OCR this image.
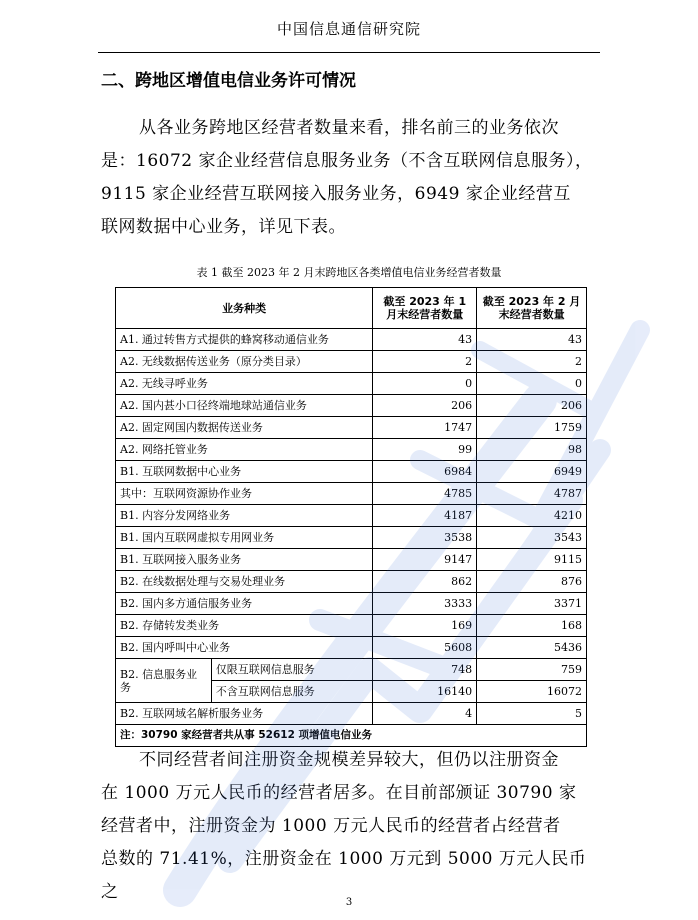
中国信息通信研究院
二、跨地区增值电信业务许可情况
从各业务跨地区经营者数量来看，排名前三的业务依次
是：16072 家企业经营信息服务业务（不含互联网信息服务），
9115 家企业经营互联网接入服务业务，6949 家企业经营互
联网数据中心业务，详见下表。
表 1 截至 2023 年 2 月末跨地区各类增值电信业务经营者数量
业务种类		截至 2023 年 1 月末经营者数量	截至 2023 年 2 月末经营者数量
A1. 通过转售方式提供的蜂窝移动通信业务		43	43
A2. 无线数据传送业务（原分类目录）		2	2
A2. 无线寻呼业务		0	0
A2. 国内甚小口径终端地球站通信业务		206	206
A2. 固定网国内数据传送业务		1747	1759
A2. 网络托管业务		99	98
B1. 互联网数据中心业务		6984	6949
其中：互联网资源协作业务		4785	4787
B1. 内容分发网络业务		4187	4210
B1. 国内互联网虚拟专用网业务		3538	3543
B1. 互联网接入服务业务		9147	9115
B2. 在线数据处理与交易处理业务		862	876
B2. 国内多方通信服务业务		3333	3371
B2. 存储转发类业务		169	168
B2. 国内呼叫中心业务		5608	5436
B2. 信息服务业务	仅限互联网信息服务	748	759
	不含互联网信息服务	16140	16072
B2. 互联网域名解析服务业务		4	5
注：30790 家经营者共从事 52612 项增值电信业务			
不同经营者间注册资金规模差异较大，但仍以注册资金
在 1000 万元人民币的经营者居多。在目前部颁证 30790 家
经营者中，注册资金为 1000 万元人民币的经营者占经营者
总数的 71.41%，注册资金在 1000 万元到 5000 万元人民币之
3
